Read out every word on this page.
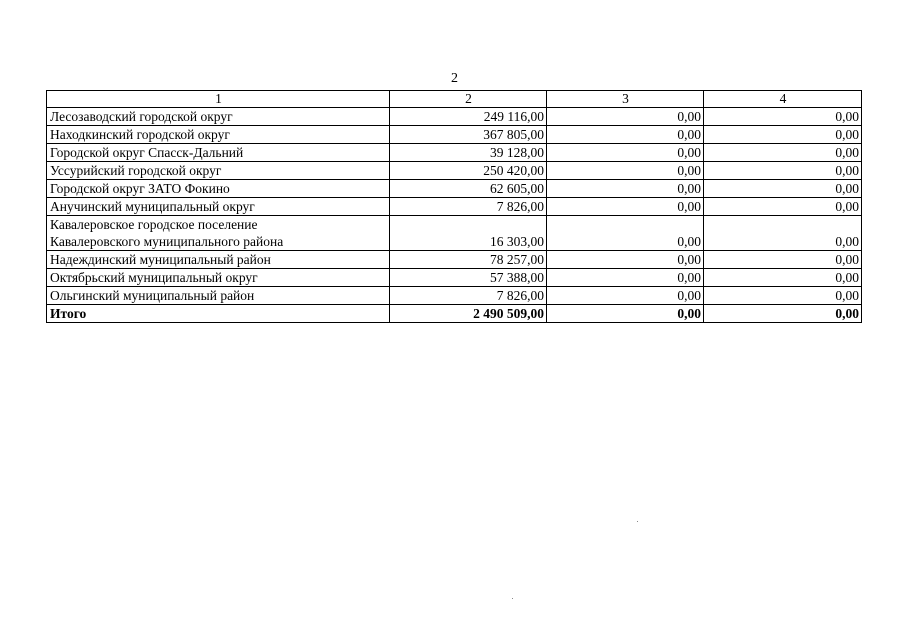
2
1	2	3	4
Лесозаводский городской округ	249 116,00	0,00	0,00
Находкинский городской округ	367 805,00	0,00	0,00
Городской округ Спасск-Дальний	39 128,00	0,00	0,00
Уссурийский городской округ	250 420,00	0,00	0,00
Городской округ ЗАТО Фокино	62 605,00	0,00	0,00
Анучинский муниципальный округ	7 826,00	0,00	0,00

Кавалеровское городское поселение
Кавалеровского муниципального района	16 303,00	0,00	0,00
Надеждинский муниципальный район	78 257,00	0,00	0,00
Октябрьский муниципальный округ	57 388,00	0,00	0,00
Ольгинский муниципальный район	7 826,00	0,00	0,00
Итого	2 490 509,00	0,00	0,00
